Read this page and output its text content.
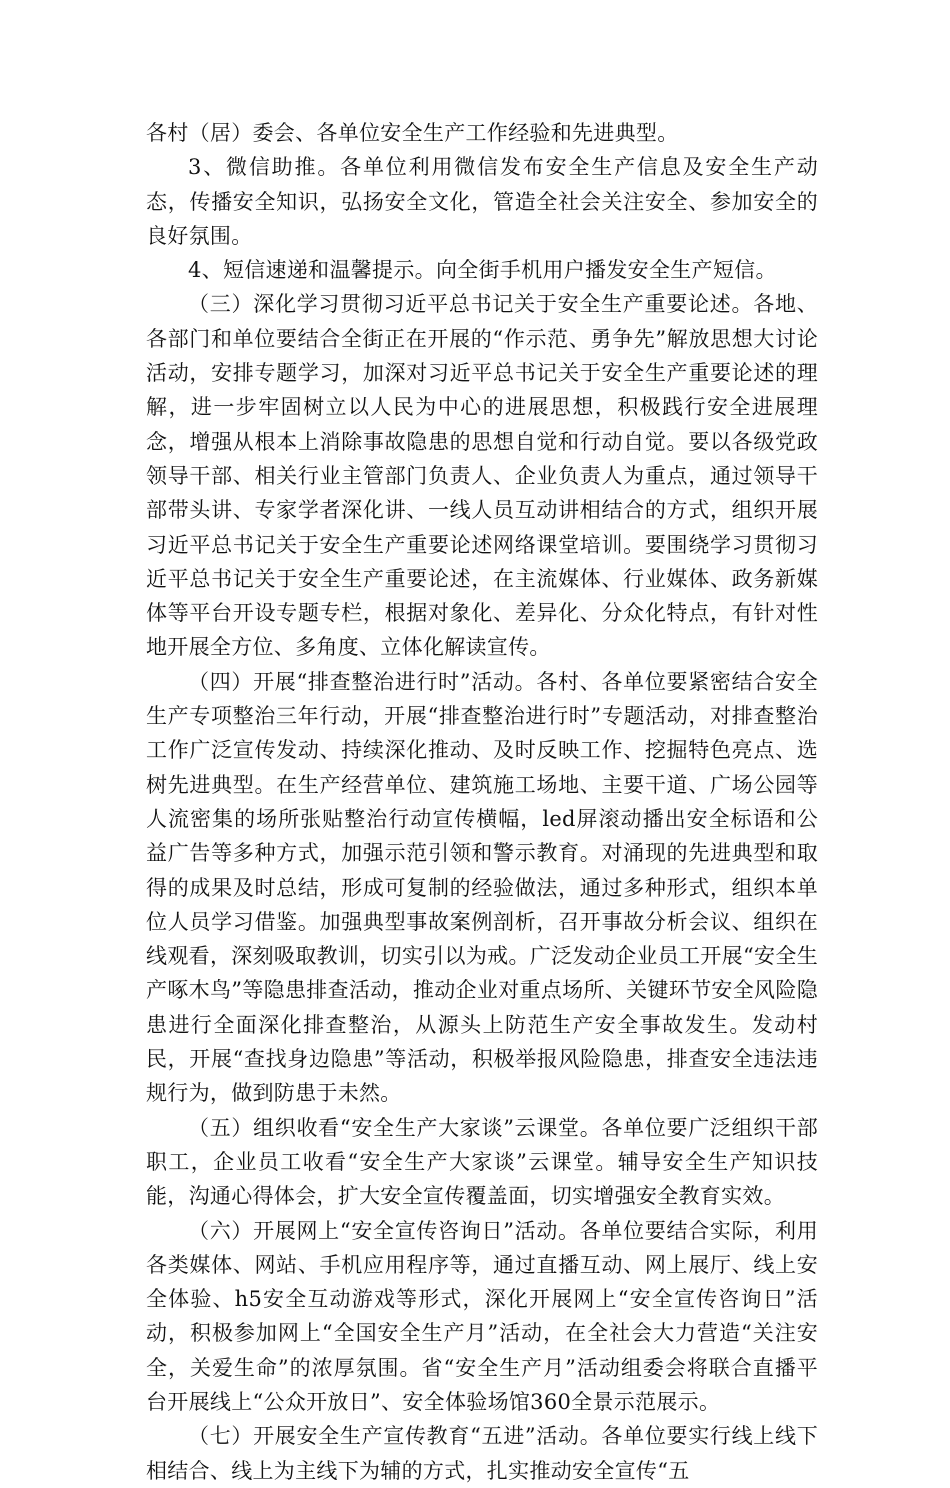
各村（居）委会、各单位安全生产工作经验和先进典型。

3、微信助推。各单位利用微信发布安全生产信息及安全生产动态，传播安全知识，弘扬安全文化，管造全社会关注安全、参加安全的良好氛围。

4、短信速递和温馨提示。向全街手机用户播发安全生产短信。

（三）深化学习贯彻习近平总书记关于安全生产重要论述。各地、各部门和单位要结合全街正在开展的“作示范、勇争先”解放思想大讨论活动，安排专题学习，加深对习近平总书记关于安全生产重要论述的理解，进一步牢固树立以人民为中心的进展思想，积极践行安全进展理念，增强从根本上消除事故隐患的思想自觉和行动自觉。要以各级党政领导干部、相关行业主管部门负责人、企业负责人为重点，通过领导干部带头讲、专家学者深化讲、一线人员互动讲相结合的方式，组织开展习近平总书记关于安全生产重要论述网络课堂培训。要围绕学习贯彻习近平总书记关于安全生产重要论述，在主流媒体、行业媒体、政务新媒体等平台开设专题专栏，根据对象化、差异化、分众化特点，有针对性地开展全方位、多角度、立体化解读宣传。

（四）开展“排查整治进行时”活动。各村、各单位要紧密结合安全生产专项整治三年行动，开展“排查整治进行时”专题活动，对排查整治工作广泛宣传发动、持续深化推动、及时反映工作、挖掘特色亮点、选树先进典型。在生产经营单位、建筑施工场地、主要干道、广场公园等人流密集的场所张贴整治行动宣传横幅，led屏滚动播出安全标语和公益广告等多种方式，加强示范引领和警示教育。对涌现的先进典型和取得的成果及时总结，形成可复制的经验做法，通过多种形式，组织本单位人员学习借鉴。加强典型事故案例剖析，召开事故分析会议、组织在线观看，深刻吸取教训，切实引以为戒。广泛发动企业员工开展“安全生产啄木鸟”等隐患排查活动，推动企业对重点场所、关键环节安全风险隐患进行全面深化排查整治，从源头上防范生产安全事故发生。发动村民，开展“查找身边隐患”等活动，积极举报风险隐患，排查安全违法违规行为，做到防患于未然。

（五）组织收看“安全生产大家谈”云课堂。各单位要广泛组织干部职工，企业员工收看“安全生产大家谈”云课堂。辅导安全生产知识技能，沟通心得体会，扩大安全宣传覆盖面，切实增强安全教育实效。

（六）开展网上“安全宣传咨询日”活动。各单位要结合实际，利用各类媒体、网站、手机应用程序等，通过直播互动、网上展厅、线上安全体验、h5安全互动游戏等形式，深化开展网上“安全宣传咨询日”活动，积极参加网上“全国安全生产月”活动，在全社会大力营造“关注安全，关爱生命”的浓厚氛围。省“安全生产月”活动组委会将联合直播平台开展线上“公众开放日”、安全体验场馆360全景示范展示。

（七）开展安全生产宣传教育“五进”活动。各单位要实行线上线下相结合、线上为主线下为辅的方式，扎实推动安全宣传“五
